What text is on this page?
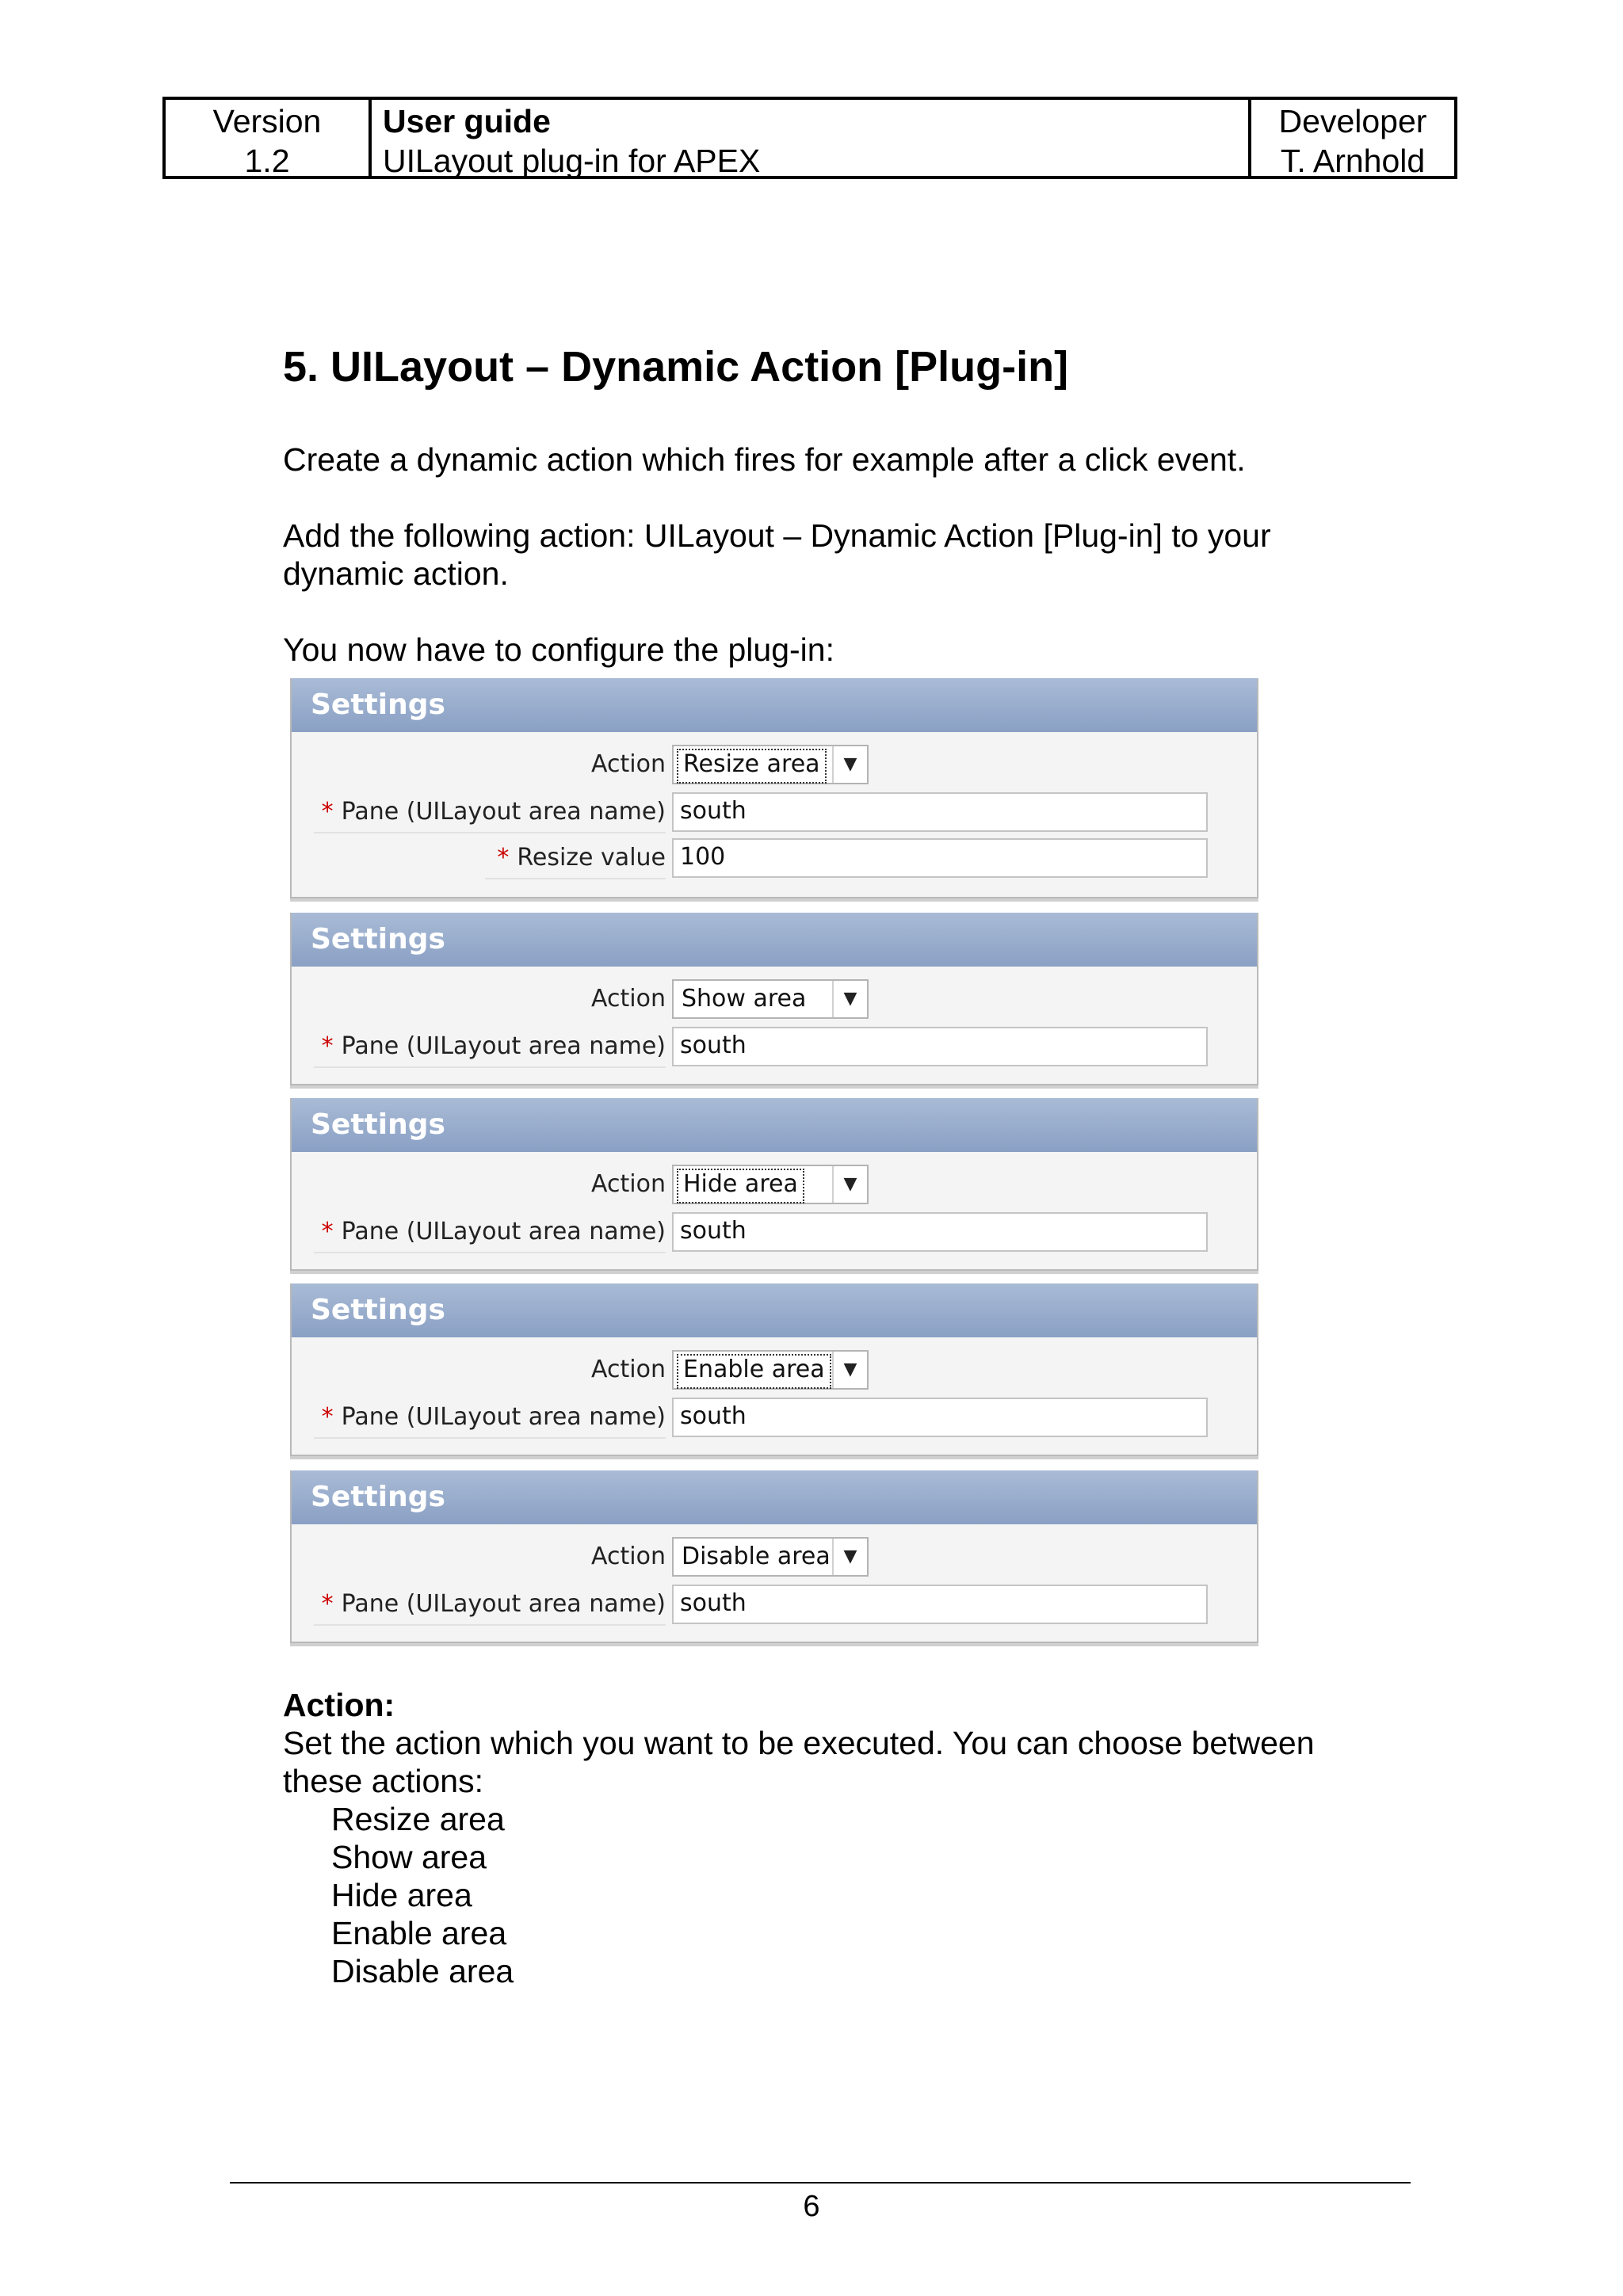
Version
1.2
User guide
UILayout plug-in for APEX
Developer
T. Arnhold
5. UILayout – Dynamic Action [Plug-in]

Create a dynamic action which fires for example after a click event.

Add the following action: UILayout – Dynamic Action [Plug-in] to your

dynamic action.

You now have to configure the plug-in:

Settings
Action Resize area	▼
* Pane (UILayout area name) south
* Resize value 100
Settings
Action Show area	▼
* Pane (UILayout area name) south
Settings
Action Hide area	▼
* Pane (UILayout area name) south
Settings
Action Enable area	▼
* Pane (UILayout area name) south
Settings
Action Disable area ▼
* Pane (UILayout area name) south

Action:

Set the action which you want to be executed. You can choose between

these actions:

Resize area
Show area
Hide area
Enable area
Disable area
6
